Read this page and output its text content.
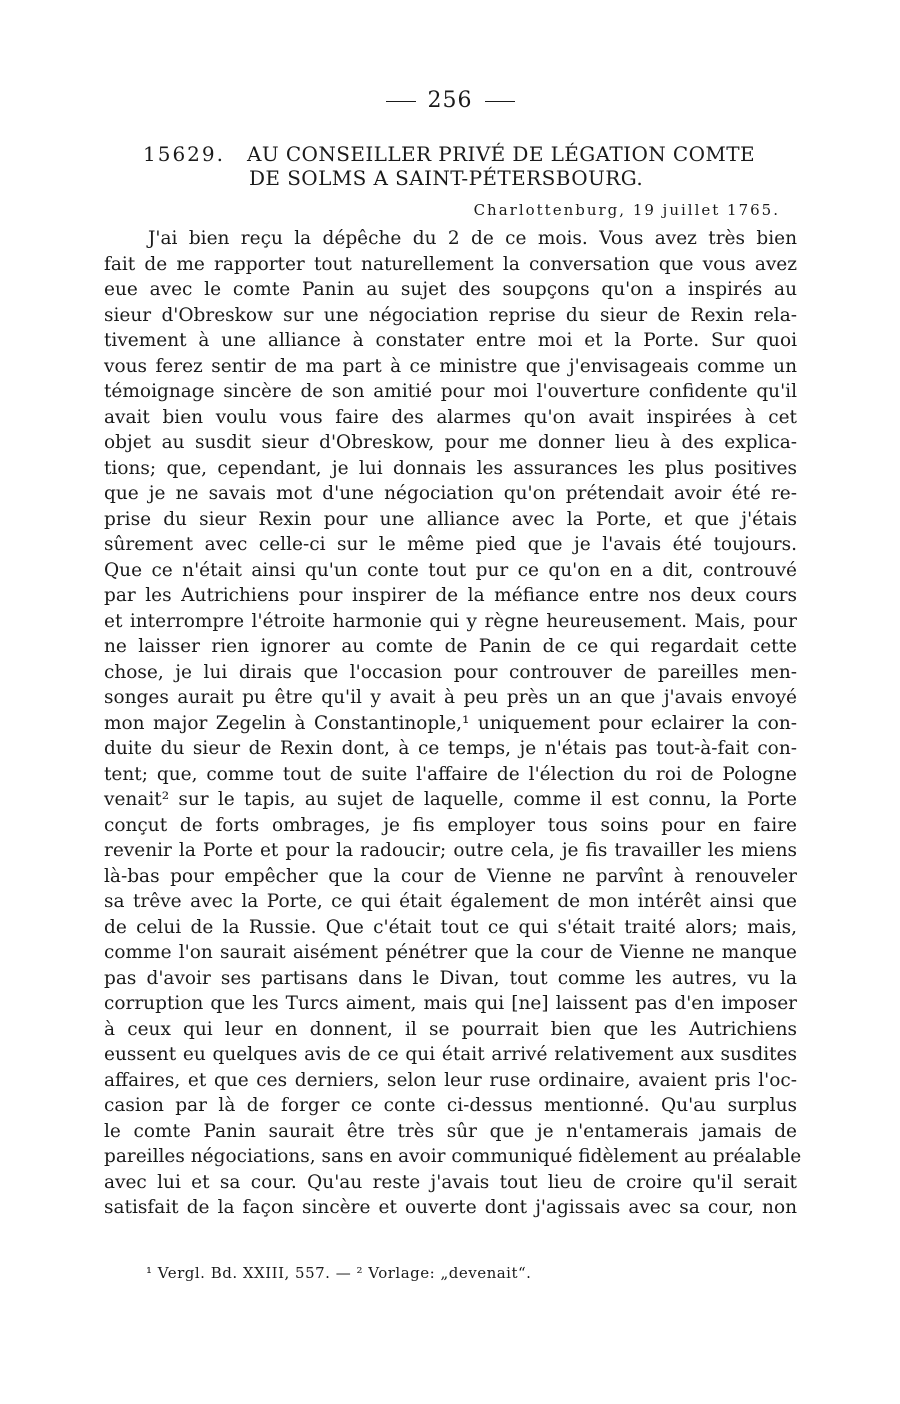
256
15629. AU CONSEILLER PRIVÉ DE LÉGATION COMTE
DE SOLMS A SAINT-PÉTERSBOURG.
Charlottenburg, 19 juillet 1765.
J'ai bien reçu la dépêche du 2 de ce mois. Vous avez très bien
fait de me rapporter tout naturellement la conversation que vous avez
eue avec le comte Panin au sujet des soupçons qu'on a inspirés au
sieur d'Obreskow sur une négociation reprise du sieur de Rexin rela-
tivement à une alliance à constater entre moi et la Porte. Sur quoi
vous ferez sentir de ma part à ce ministre que j'envisageais comme un
témoignage sincère de son amitié pour moi l'ouverture confidente qu'il
avait bien voulu vous faire des alarmes qu'on avait inspirées à cet
objet au susdit sieur d'Obreskow, pour me donner lieu à des explica-
tions; que, cependant, je lui donnais les assurances les plus positives
que je ne savais mot d'une négociation qu'on prétendait avoir été re-
prise du sieur Rexin pour une alliance avec la Porte, et que j'étais
sûrement avec celle-ci sur le même pied que je l'avais été toujours.
Que ce n'était ainsi qu'un conte tout pur ce qu'on en a dit, controuvé
par les Autrichiens pour inspirer de la méfiance entre nos deux cours
et interrompre l'étroite harmonie qui y règne heureusement. Mais, pour
ne laisser rien ignorer au comte de Panin de ce qui regardait cette
chose, je lui dirais que l'occasion pour controuver de pareilles men-
songes aurait pu être qu'il y avait à peu près un an que j'avais envoyé
mon major Zegelin à Constantinople,¹ uniquement pour eclairer la con-
duite du sieur de Rexin dont, à ce temps, je n'étais pas tout-à-fait con-
tent; que, comme tout de suite l'affaire de l'élection du roi de Pologne
venait² sur le tapis, au sujet de laquelle, comme il est connu, la Porte
conçut de forts ombrages, je fis employer tous soins pour en faire
revenir la Porte et pour la radoucir; outre cela, je fis travailler les miens
là-bas pour empêcher que la cour de Vienne ne parvînt à renouveler
sa trêve avec la Porte, ce qui était également de mon intérêt ainsi que
de celui de la Russie. Que c'était tout ce qui s'était traité alors; mais,
comme l'on saurait aisément pénétrer que la cour de Vienne ne manque
pas d'avoir ses partisans dans le Divan, tout comme les autres, vu la
corruption que les Turcs aiment, mais qui [ne] laissent pas d'en imposer
à ceux qui leur en donnent, il se pourrait bien que les Autrichiens
eussent eu quelques avis de ce qui était arrivé relativement aux susdites
affaires, et que ces derniers, selon leur ruse ordinaire, avaient pris l'oc-
casion par là de forger ce conte ci-dessus mentionné. Qu'au surplus
le comte Panin saurait être très sûr que je n'entamerais jamais de
pareilles négociations, sans en avoir communiqué fidèlement au préalable
avec lui et sa cour. Qu'au reste j'avais tout lieu de croire qu'il serait
satisfait de la façon sincère et ouverte dont j'agissais avec sa cour, non
¹ Vergl. Bd. XXIII, 557. — ² Vorlage: „devenait“.
